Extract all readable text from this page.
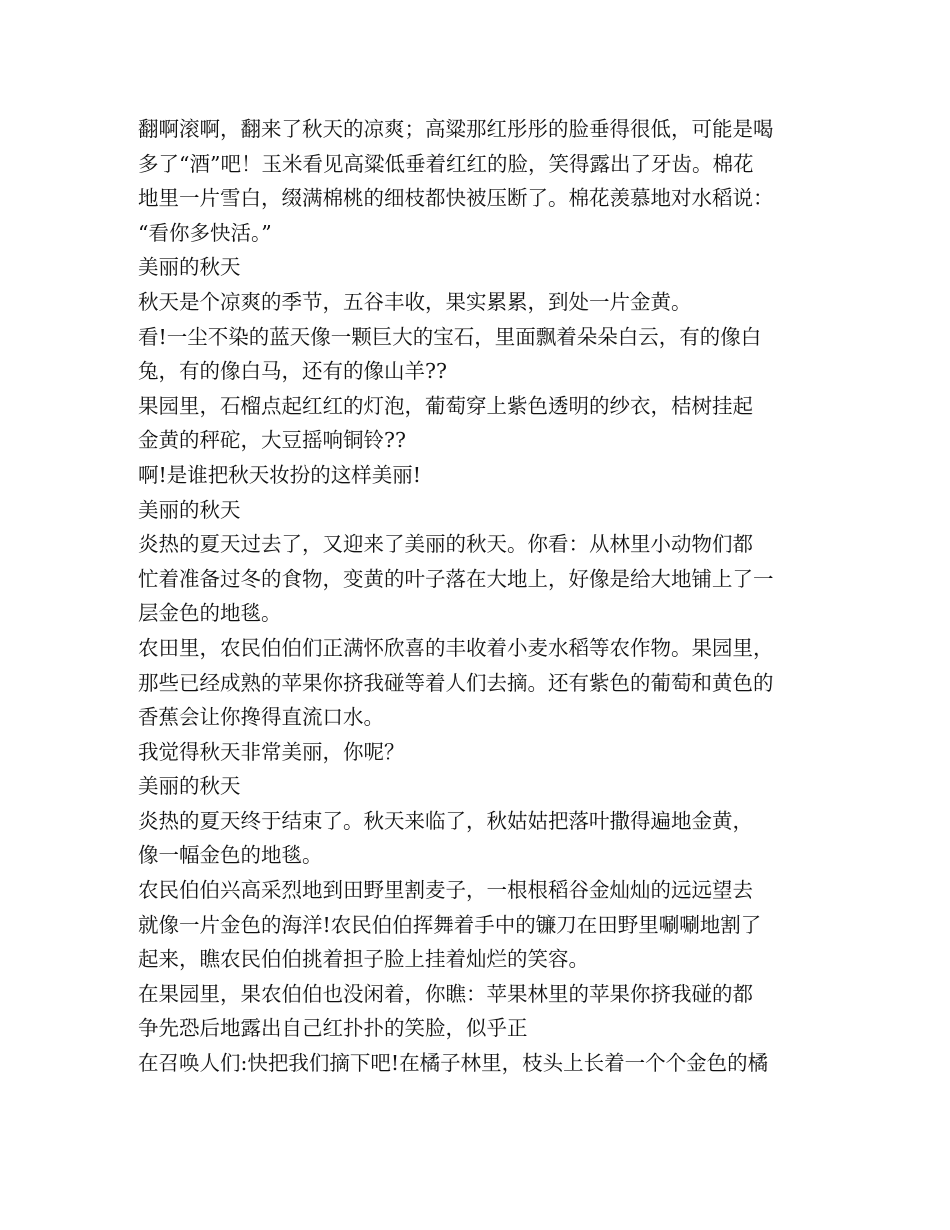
翻啊滚啊，翻来了秋天的凉爽；高粱那红彤彤的脸垂得很低，可能是喝
多了“酒”吧！玉米看见高粱低垂着红红的脸，笑得露出了牙齿。棉花
地里一片雪白，缀满棉桃的细枝都快被压断了。棉花羡慕地对水稻说：
“看你多快活。”
美丽的秋天
秋天是个凉爽的季节，五谷丰收，果实累累，到处一片金黄。
看!一尘不染的蓝天像一颗巨大的宝石，里面飘着朵朵白云，有的像白
兔，有的像白马，还有的像山羊??
果园里，石榴点起红红的灯泡，葡萄穿上紫色透明的纱衣，桔树挂起
金黄的秤砣，大豆摇响铜铃??
啊!是谁把秋天妆扮的这样美丽!
美丽的秋天
炎热的夏天过去了，又迎来了美丽的秋天。你看：从林里小动物们都
忙着准备过冬的食物，变黄的叶子落在大地上，好像是给大地铺上了一
层金色的地毯。
农田里，农民伯伯们正满怀欣喜的丰收着小麦水稻等农作物。果园里，
那些已经成熟的苹果你挤我碰等着人们去摘。还有紫色的葡萄和黄色的
香蕉会让你搀得直流口水。
我觉得秋天非常美丽，你呢？
美丽的秋天
炎热的夏天终于结束了。秋天来临了，秋姑姑把落叶撒得遍地金黄，
像一幅金色的地毯。
农民伯伯兴高采烈地到田野里割麦子，一根根稻谷金灿灿的远远望去
就像一片金色的海洋!农民伯伯挥舞着手中的镰刀在田野里唰唰地割了
起来，瞧农民伯伯挑着担子脸上挂着灿烂的笑容。
在果园里，果农伯伯也没闲着，你瞧：苹果林里的苹果你挤我碰的都
争先恐后地露出自己红扑扑的笑脸，似乎正
在召唤人们:快把我们摘下吧!在橘子林里，枝头上长着一个个金色的橘
